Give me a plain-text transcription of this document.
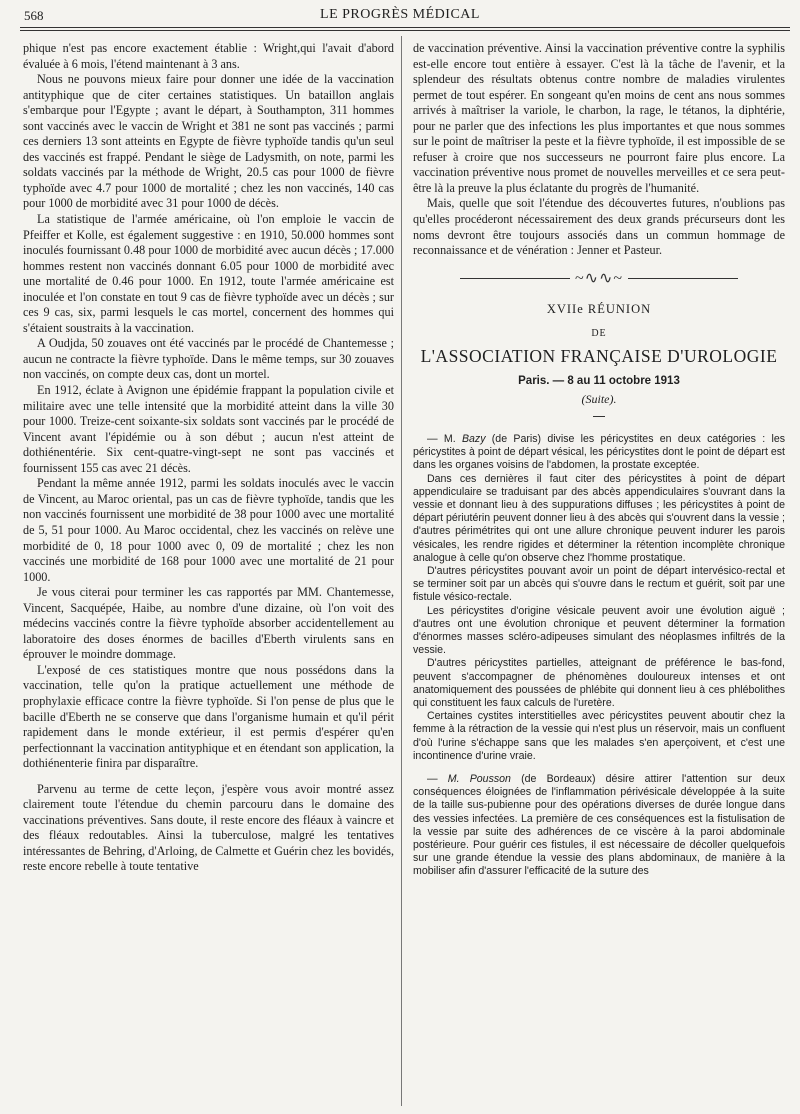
568	LE PROGRÈS MÉDICAL

phique n'est pas encore exactement établie : Wright,qui l'avait d'abord évaluée à 6 mois, l'étend maintenant à 3 ans.

Nous ne pouvons mieux faire pour donner une idée de la vaccination antityphique que de citer certaines statistiques. Un bataillon anglais s'embarque pour l'Egypte ; avant le départ, à Southampton, 311 hommes sont vaccinés avec le vaccin de Wright et 381 ne sont pas vaccinés ; parmi ces derniers 13 sont atteints en Egypte de fièvre typhoïde tandis qu'un seul des vaccinés est frappé. Pendant le siège de Ladysmith, on note, parmi les soldats vaccinés par la méthode de Wright, 20.5 cas pour 1000 de fièvre typhoïde avec 4.7 pour 1000 de mortalité ; chez les non vaccinés, 140 cas pour 1000 de morbidité avec 31 pour 1000 de décès.

La statistique de l'armée américaine, où l'on emploie le vaccin de Pfeiffer et Kolle, est également suggestive : en 1910, 50.000 hommes sont inoculés fournissant 0.48 pour 1000 de morbidité avec aucun décès ; 17.000 hommes restent non vaccinés donnant 6.05 pour 1000 de morbidité avec une mortalité de 0.46 pour 1000. En 1912, toute l'armée américaine est inoculée et l'on constate en tout 9 cas de fièvre typhoïde avec un décès ; sur ces 9 cas, six, parmi lesquels le cas mortel, concernent des hommes qui s'étaient soustraits à la vaccination.

A Oudjda, 50 zouaves ont été vaccinés par le procédé de Chantemesse ; aucun ne contracte la fièvre typhoïde. Dans le même temps, sur 30 zouaves non vaccinés, on compte deux cas, dont un mortel.

En 1912, éclate à Avignon une épidémie frappant la population civile et militaire avec une telle intensité que la morbidité atteint dans la ville 30 pour 1000. Treize-cent soixante-six soldats sont vaccinés par le procédé de Vincent avant l'épidémie ou à son début ; aucun n'est atteint de dothiénentérie. Six cent-quatre-vingt-sept ne sont pas vaccinés et fournissent 155 cas avec 21 décès.

Pendant la même année 1912, parmi les soldats inoculés avec le vaccin de Vincent, au Maroc oriental, pas un cas de fièvre typhoïde, tandis que les non vaccinés fournissent une morbidité de 38 pour 1000 avec une mortalité de 5, 51 pour 1000. Au Maroc occidental, chez les vaccinés on relève une morbidité de 0, 18 pour 1000 avec 0, 09 de mortalité ; chez les non vaccinés une morbidité de 168 pour 1000 avec une mortalité de 21 pour 1000.

Je vous citerai pour terminer les cas rapportés par MM. Chantemesse, Vincent, Sacquépée, Haibe, au nombre d'une dizaine, où l'on voit des médecins vaccinés contre la fièvre typhoïde absorber accidentellement au laboratoire des doses énormes de bacilles d'Eberth virulents sans en éprouver le moindre dommage.

L'exposé de ces statistiques montre que nous possédons dans la vaccination, telle qu'on la pratique actuellement une méthode de prophylaxie efficace contre la fièvre typhoïde. Si l'on pense de plus que le bacille d'Eberth ne se conserve que dans l'organisme humain et qu'il périt rapidement dans le monde extérieur, il est permis d'espérer qu'en perfectionnant la vaccination antityphique et en étendant son application, la dothiénenterie finira par disparaître.

Parvenu au terme de cette leçon, j'espère vous avoir montré assez clairement toute l'étendue du chemin parcouru dans le domaine des vaccinations préventives. Sans doute, il reste encore des fléaux à vaincre et des fléaux redoutables. Ainsi la tuberculose, malgré les tentatives intéressantes de Behring, d'Arloing, de Calmette et Guérin chez les bovidés, reste encore rebelle à toute tentative

de vaccination préventive. Ainsi la vaccination préventive contre la syphilis est-elle encore tout entière à essayer. C'est là la tâche de l'avenir, et la splendeur des résultats obtenus contre nombre de maladies virulentes permet de tout espérer. En songeant qu'en moins de cent ans nous sommes arrivés à maîtriser la variole, le charbon, la rage, le tétanos, la diphtérie, pour ne parler que des infections les plus importantes et que nous sommes sur le point de maîtriser la peste et la fièvre typhoïde, il est impossible de se refuser à croire que nos successeurs ne pourront faire plus encore. La vaccination préventive nous promet de nouvelles merveilles et ce sera peut-être là la preuve la plus éclatante du progrès de l'humanité.

Mais, quelle que soit l'étendue des découvertes futures, n'oublions pas qu'elles procéderont nécessairement des deux grands précurseurs dont les noms devront être toujours associés dans un commun hommage de reconnaissance et de vénération : Jenner et Pasteur.

~∿∿~
XVIIe RÉUNION
DE
L'ASSOCIATION FRANÇAISE D'UROLOGIE
Paris. — 8 au 11 octobre 1913
(Suite).

— M. Bazy (de Paris) divise les péricystites en deux catégories : les péricystites à point de départ vésical, les péricystites dont le point de départ est dans les organes voisins de l'abdomen, la prostate exceptée.

Dans ces dernières il faut citer des péricystites à point de départ appendiculaire se traduisant par des abcès appendiculaires s'ouvrant dans la vessie et donnant lieu à des suppurations diffuses ; les péricystites à point de départ périutérin peuvent donner lieu à des abcès qui s'ouvrent dans la vessie ; d'autres périmétrites qui ont une allure chronique peuvent indurer les parois vésicales, les rendre rigides et déterminer la rétention incomplète chronique analogue à celle qu'on observe chez l'homme prostatique.

D'autres péricystites pouvant avoir un point de départ intervésico-rectal et se terminer soit par un abcès qui s'ouvre dans le rectum et guérit, soit par une fistule vésico-rectale.

Les péricystites d'origine vésicale peuvent avoir une évolution aiguë ; d'autres ont une évolution chronique et peuvent déterminer la formation d'énormes masses scléro-adipeuses simulant des néoplasmes infiltrés de la vessie.

D'autres péricystites partielles, atteignant de préférence le bas-fond, peuvent s'accompagner de phénomènes douloureux intenses et ont anatomiquement des poussées de phlébite qui donnent lieu à ces phlébolithes qui constituent les faux calculs de l'uretère.

Certaines cystites interstitielles avec péricystites peuvent aboutir chez la femme à la rétraction de la vessie qui n'est plus un réservoir, mais un confluent d'où l'urine s'échappe sans que les malades s'en aperçoivent, et c'est une incontinence d'urine vraie.

— M. Pousson (de Bordeaux) désire attirer l'attention sur deux conséquences éloignées de l'inflammation périvésicale développée à la suite de la taille sus-pubienne pour des opérations diverses de durée longue dans des vessies infectées. La première de ces conséquences est la fistulisation de la vessie par suite des adhérences de ce viscère à la paroi abdominale postérieure. Pour guérir ces fistules, il est nécessaire de décoller quelquefois sur une grande étendue la vessie des plans abdominaux, de manière à la mobiliser afin d'assurer l'efficacité de la suture des
